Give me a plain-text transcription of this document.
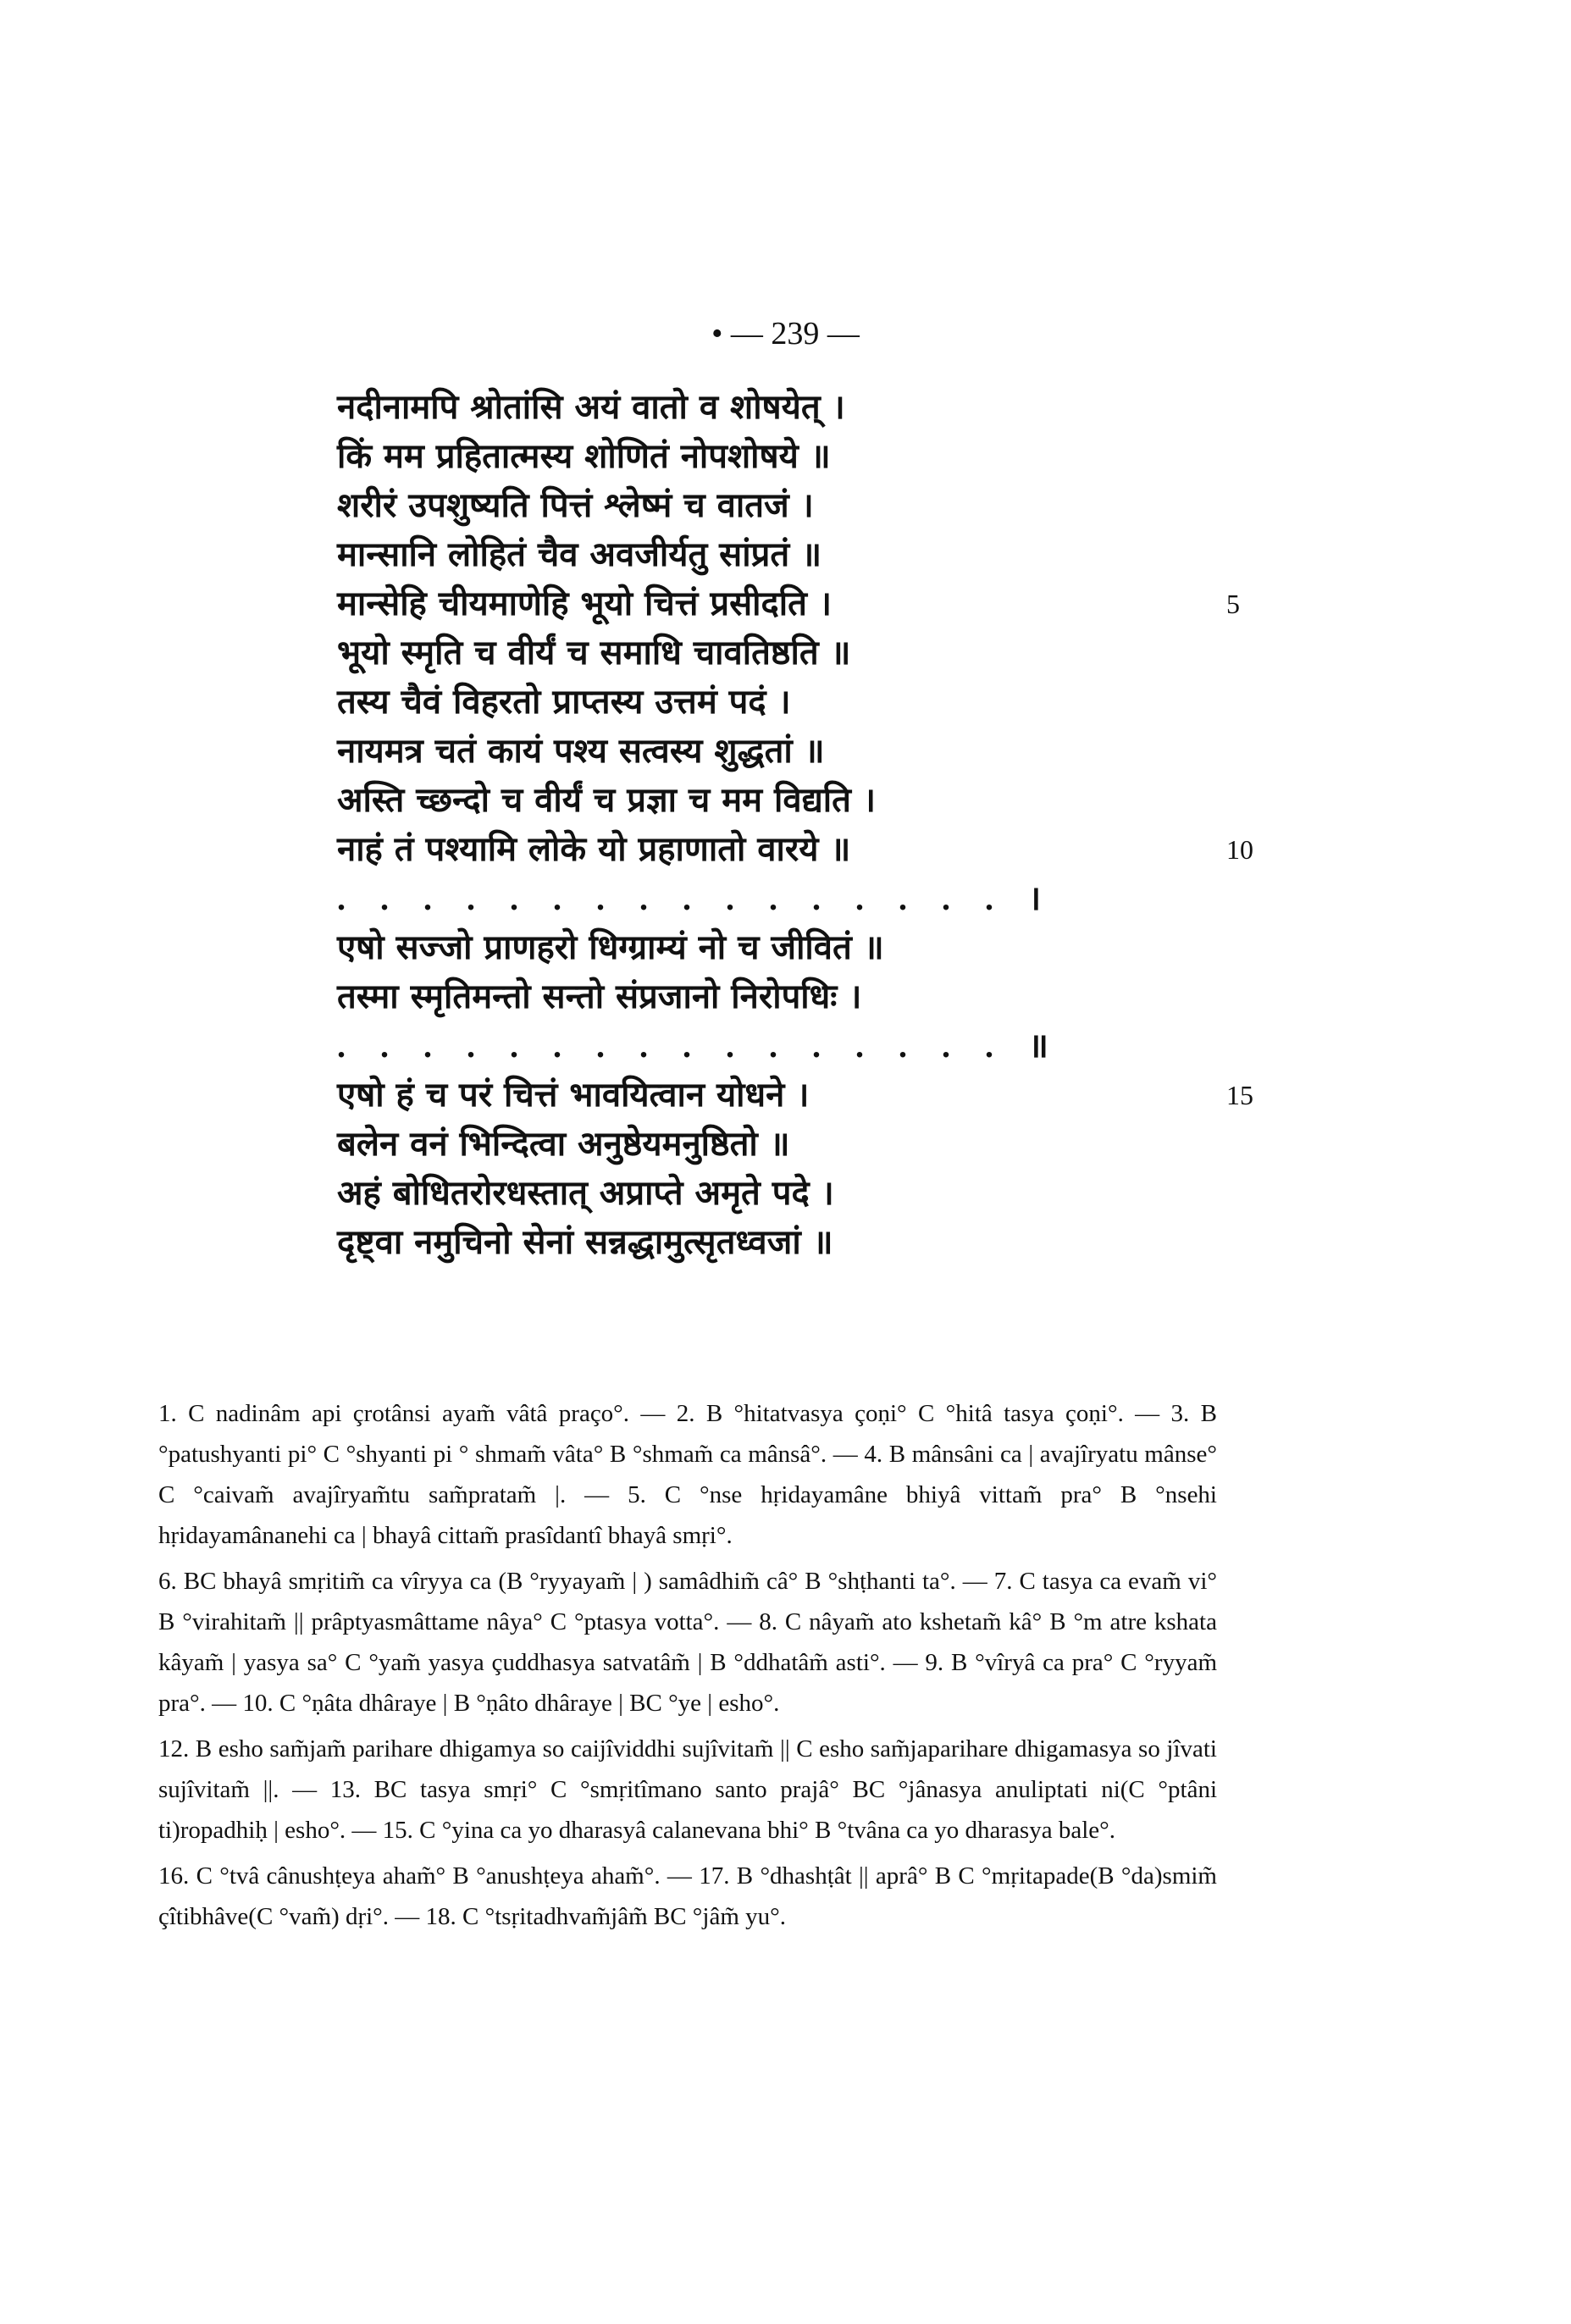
• — 239 —
नदीनामपि श्रोतांसि अयं वातो व शोषयेत् ।
किं मम प्रहितात्मस्य शोणितं नोपशोषये ॥
शरीरं उपशुष्यति पित्तं श्लेष्मं च वातजं ।
मान्सानि लोहितं चैव अवजीर्यतु सांप्रतं ॥
मान्सेहि चीयमाणेहि भूयो चित्तं प्रसीदति ।	5
भूयो स्मृति च वीर्यं च समाधि चावतिष्ठति ॥
तस्य चैवं विहरतो प्राप्तस्य उत्तमं पदं ।
नायमत्र चतं कायं पश्य सत्वस्य शुद्धतां ॥
अस्ति च्छन्दो च वीर्यं च प्रज्ञा च मम विद्यति ।
नाहं तं पश्यामि लोके यो प्रहाणातो वारये ॥	10
. . . . . . . . . . . . . . . . ।
एषो सज्जो प्राणहरो धिग्ग्राम्यं नो च जीवितं ॥
तस्मा स्मृतिमन्तो सन्तो संप्रजानो निरोपधिः ।
. . . . . . . . . . . . . . . . ॥
एषो हं च परं चित्तं भावयित्वान योधने ।	15
बलेन वनं भिन्दित्वा अनुष्ठेयमनुष्ठितो ॥
अहं बोधितरोरधस्तात् अप्राप्ते अमृते पदे ।
दृष्ट्वा नमुचिनो सेनां सन्नद्धामुत्सृतध्वजां ॥

1. C nadinâm api çrotânsi ayam̃ vâtâ praço°. — 2. B °hitatvasya çoṇi° C °hitâ tasya çoṇi°. — 3. B °patushyanti pi° C °shyanti pi ° shmam̃ vâta° B °shmam̃ ca mânsâ°. — 4. B mânsâni ca | avajîryatu mânse° C °caivam̃ avajîryam̃tu sam̃pratam̃ |. — 5. C °nse hṛidayamâne bhiyâ vittam̃ pra° B °nsehi hṛidayamânanehi ca | bhayâ cittam̃ prasîdantî bhayâ smṛi°.

6. BC bhayâ smṛitim̃ ca vîryya ca (B °ryyayam̃ | ) samâdhim̃ câ° B °shṭhanti ta°. — 7. C tasya ca evam̃ vi° B °virahitam̃ || prâptyasmâttame nâya° C °ptasya votta°. — 8. C nâyam̃ ato kshetam̃ kâ° B °m atre kshata kâyam̃ | yasya sa° C °yam̃ yasya çuddhasya satvatâm̃ | B °ddhatâm̃ asti°. — 9. B °vîryâ ca pra° C °ryyam̃ pra°. — 10. C °ṇâta dhâraye | B °ṇâto dhâraye | BC °ye | esho°.

12. B esho sam̃jam̃ parihare dhigamya so caijîviddhi sujîvitam̃ || C esho sam̃japarihare dhigamasya so jîvati sujîvitam̃ ||. — 13. BC tasya smṛi° C °smṛitîmano santo prajâ° BC °jânasya anuliptati ni(C °ptâni ti)ropadhiḥ | esho°. — 15. C °yina ca yo dharasyâ calanevana bhi° B °tvâna ca yo dharasya bale°.

16. C °tvâ cânushṭeya aham̃° B °anushṭeya aham̃°. — 17. B °dhashṭât || aprâ° B C °mṛitapade(B °da)smim̃ çîtibhâve(C °vam̃) dṛi°. — 18. C °tsṛitadhvam̃jâm̃ BC °jâm̃ yu°.
